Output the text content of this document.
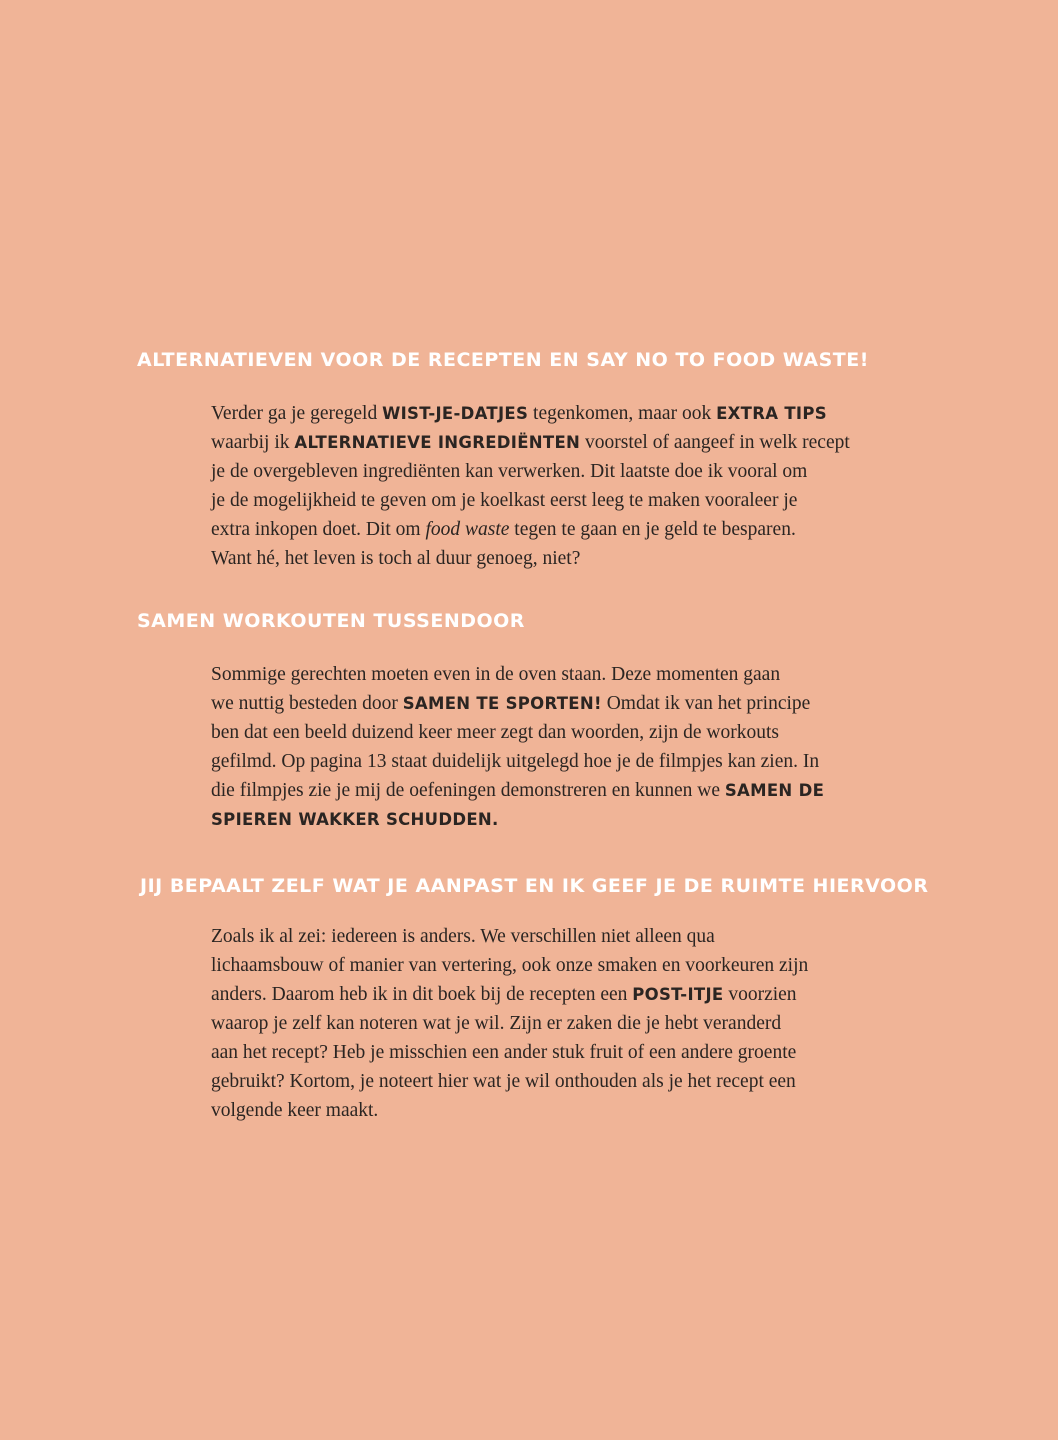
ALTERNATIEVEN VOOR DE RECEPTEN EN SAY NO TO FOOD WASTE!

Verder ga je geregeld WIST-JE-DATJES tegenkomen, maar ook EXTRA TIPS
waarbij ik ALTERNATIEVE INGREDIËNTEN voorstel of aangeef in welk recept
je de overgebleven ingrediënten kan verwerken. Dit laatste doe ik vooral om
je de mogelijkheid te geven om je koelkast eerst leeg te maken vooraleer je
extra inkopen doet. Dit om food waste tegen te gaan en je geld te besparen.
Want hé, het leven is toch al duur genoeg, niet?

SAMEN WORKOUTEN TUSSENDOOR

Sommige gerechten moeten even in de oven staan. Deze momenten gaan
we nuttig besteden door SAMEN TE SPORTEN! Omdat ik van het principe
ben dat een beeld duizend keer meer zegt dan woorden, zijn de workouts
gefilmd. Op pagina 13 staat duidelijk uitgelegd hoe je de filmpjes kan zien. In
die filmpjes zie je mij de oefeningen demonstreren en kunnen we SAMEN DE
SPIEREN WAKKER SCHUDDEN.

JIJ BEPAALT ZELF WAT JE AANPAST EN IK GEEF JE DE RUIMTE HIERVOOR

Zoals ik al zei: iedereen is anders. We verschillen niet alleen qua
lichaamsbouw of manier van vertering, ook onze smaken en voorkeuren zijn
anders. Daarom heb ik in dit boek bij de recepten een POST-ITJE voorzien
waarop je zelf kan noteren wat je wil. Zijn er zaken die je hebt veranderd
aan het recept? Heb je misschien een ander stuk fruit of een andere groente
gebruikt? Kortom, je noteert hier wat je wil onthouden als je het recept een
volgende keer maakt.
